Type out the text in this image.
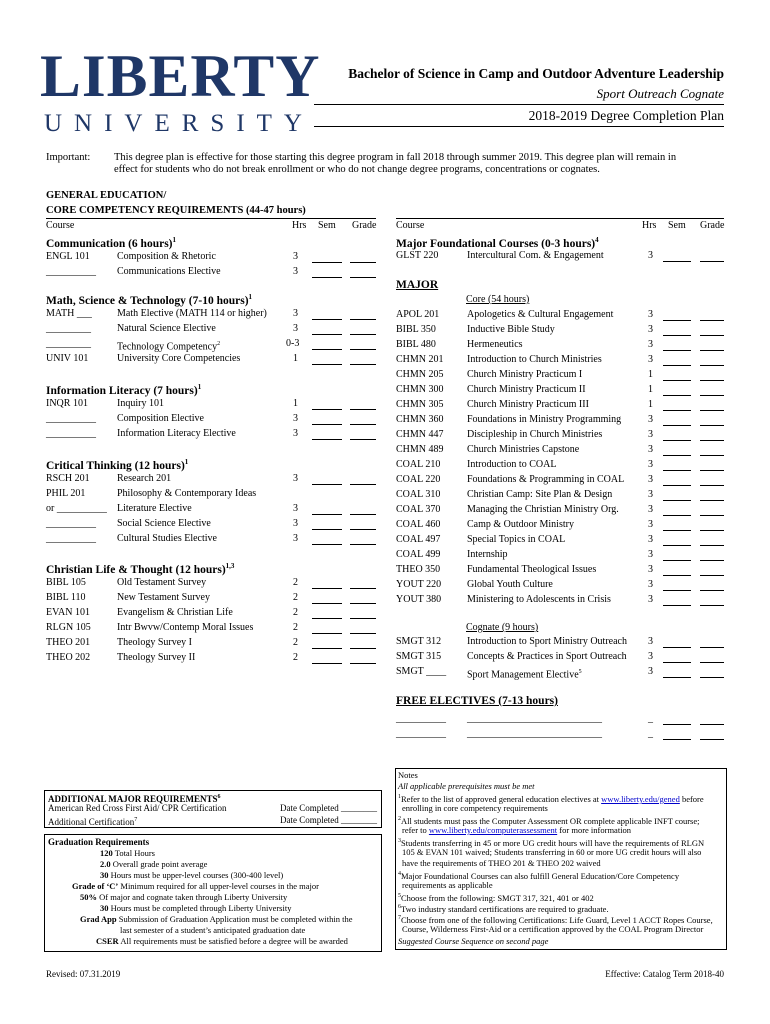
LIBERTY
UNIVERSITY
Bachelor of Science in Camp and Outdoor Adventure Leadership
Sport Outreach Cognate
2018-2019 Degree Completion Plan
Important: This degree plan is effective for those starting this degree program in fall 2018 through summer 2019. This degree plan will remain in
effect for students who do not break enrollment or who do not change degree programs, concentrations or cognates.
GENERAL EDUCATION/
CORE COMPETENCY REQUIREMENTS (44-47 hours)
Course	Hrs Sem Grade Course	Hrs Sem Grade
Communication (6 hours)$^1$
ENGL 101	Composition & Rhetoric	3
__________ Communications Elective	3
Math, Science & Technology (7-10 hours)$^1$
MATH ___	Math Elective (MATH 114 or higher)	3
_________	Natural Science Elective	3
_________	Technology Competency$^2$	0-3
UNIV 101	University Core Competencies	1
Information Literacy (7 hours)$^1$
INQR 101	Inquiry 101	1
__________ Composition Elective	3
__________ Information Literacy Elective	3
Critical Thinking (12 hours)$^1$
RSCH 201	Research 201	3
PHIL 201	Philosophy & Contemporary Ideas
or __________ Literature Elective	3
__________ Social Science Elective	3
__________ Cultural Studies Elective	3
Christian Life & Thought (12 hours)$^{1,3}$
BIBL 105	Old Testament Survey	2
BIBL 110	New Testament Survey	2
EVAN 101	Evangelism & Christian Life	2
RLGN 105	Intr Bwvw/Contemp Moral Issues	2
THEO 201	Theology Survey I	2
THEO 202	Theology Survey II	2
Major Foundational Courses (0-3 hours)$^4$
GLST 220	Intercultural Com. & Engagement	3
MAJOR
Core (54 hours)
APOL 201	Apologetics & Cultural Engagement	3
BIBL 350	Inductive Bible Study	3
BIBL 480	Hermeneutics	3
CHMN 201 Introduction to Church Ministries	3
CHMN 205 Church Ministry Practicum I	1
CHMN 300 Church Ministry Practicum II	1
CHMN 305 Church Ministry Practicum III	1
CHMN 360 Foundations in Ministry Programming	3
CHMN 447 Discipleship in Church Ministries	3
CHMN 489 Church Ministries Capstone	3
COAL 210	Introduction to COAL	3
COAL 220	Foundations & Programming in COAL 3
COAL 310	Christian Camp: Site Plan & Design	3
COAL 370	Managing the Christian Ministry Org.	3
COAL 460	Camp & Outdoor Ministry	3
COAL 497	Special Topics in COAL	3
COAL 499	Internship	3
THEO 350	Fundamental Theological Issues	3
YOUT 220	Global Youth Culture	3
YOUT 380	Ministering to Adolescents in Crisis	3
Cognate (9 hours)
SMGT 312	Introduction to Sport Ministry Outreach 3
SMGT 315	Concepts & Practices in Sport Outreach 3
SMGT ____ Sport Management Elective$^5$	3
FREE ELECTIVES (7-13 hours)
__________ ___________________________	_
__________ ___________________________	_
ADDITIONAL MAJOR REQUIREMENTS$^6$
American Red Cross First Aid/ CPR Certification	Date Completed ________
Additional Certification$^7$	Date Completed ________
Graduation Requirements
120 Total Hours
2.0 Overall grade point average
30 Hours must be upper-level courses (300-400 level)
Grade of ‘C’ Minimum required for all upper-level courses in the major
50% Of major and cognate taken through Liberty University
30 Hours must be completed through Liberty University
Grad App Submission of Graduation Application must be completed within the
last semester of a student’s anticipated graduation date
CSER All requirements must be satisfied before a degree will be awarded
Notes
All applicable prerequisites must be met
$^1$Refer to the list of approved general education electives at www.liberty.edu/gened before
enrolling in core competency requirements
$^2$All students must pass the Computer Assessment OR complete applicable INFT course;
refer to www.liberty.edu/computerassessment for more information
$^3$Students transferring in 45 or more UG credit hours will have the requirements of RLGN
105 & EVAN 101 waived; Students transferring in 60 or more UG credit hours will also
have the requirements of THEO 201 & THEO 202 waived
$^4$Major Foundational Courses can also fulfill General Education/Core Competency
requirements as applicable
$^5$Choose from the following: SMGT 317, 321, 401 or 402
$^6$Two industry standard certifications are required to graduate.
$^7$Choose from one of the following Certifications: Life Guard, Level 1 ACCT Ropes Course,
Course, Wilderness First-Aid or a certification approved by the COAL Program Director
Suggested Course Sequence on second page
Revised: 07.31.2019	Effective: Catalog Term 2018-40
